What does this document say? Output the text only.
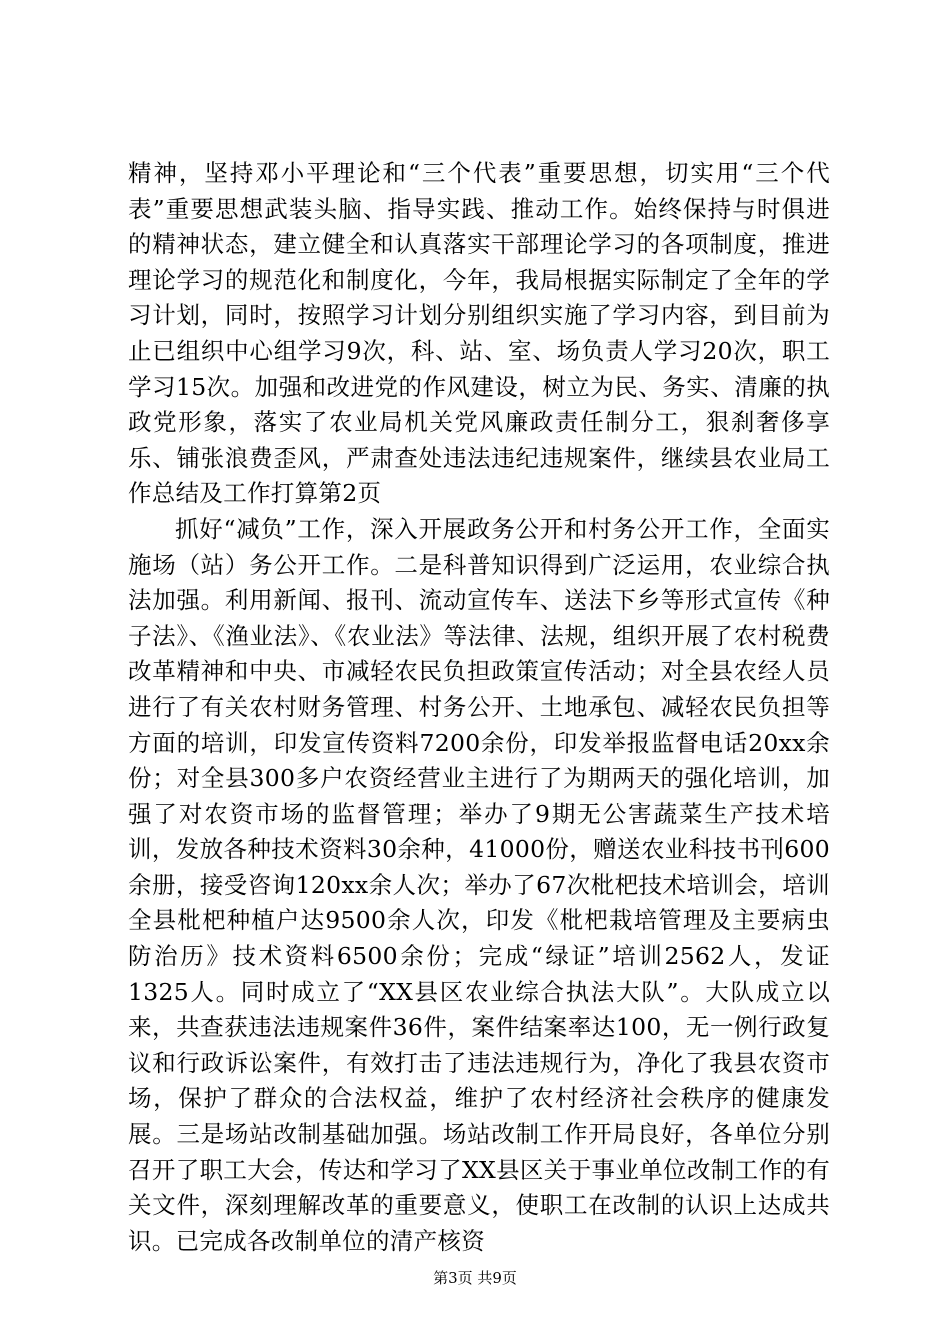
精神，坚持邓小平理论和“三个代表”重要思想，切实用“三个代表”重要思想武装头脑、指导实践、推动工作。始终保持与时俱进的精神状态，建立健全和认真落实干部理论学习的各项制度，推进理论学习的规范化和制度化，今年，我局根据实际制定了全年的学习计划，同时，按照学习计划分别组织实施了学习内容，到目前为止已组织中心组学习9次，科、站、室、场负责人学习20次，职工学习15次。加强和改进党的作风建设，树立为民、务实、清廉的执政党形象，落实了农业局机关党风廉政责任制分工，狠刹奢侈享乐、铺张浪费歪风，严肃查处违法违纪违规案件，继续县农业局工作总结及工作打算第2页

抓好“减负”工作，深入开展政务公开和村务公开工作，全面实施场（站）务公开工作。二是科普知识得到广泛运用，农业综合执法加强。利用新闻、报刊、流动宣传车、送法下乡等形式宣传《种子法》、《渔业法》、《农业法》等法律、法规，组织开展了农村税费改革精神和中央、市减轻农民负担政策宣传活动；对全县农经人员进行了有关农村财务管理、村务公开、土地承包、减轻农民负担等方面的培训，印发宣传资料7200余份，印发举报监督电话20xx余份；对全县300多户农资经营业主进行了为期两天的强化培训，加强了对农资市场的监督管理；举办了9期无公害蔬菜生产技术培训，发放各种技术资料30余种，41000份，赠送农业科技书刊600余册，接受咨询120xx余人次；举办了67次枇杷技术培训会，培训全县枇杷种植户达9500余人次，印发《枇杷栽培管理及主要病虫防治历》技术资料6500余份；完成“绿证”培训2562人，发证1325人。同时成立了“XX县区农业综合执法大队”。大队成立以来，共查获违法违规案件36件，案件结案率达100，无一例行政复议和行政诉讼案件，有效打击了违法违规行为，净化了我县农资市场，保护了群众的合法权益，维护了农村经济社会秩序的健康发展。三是场站改制基础加强。场站改制工作开局良好，各单位分别召开了职工大会，传达和学习了XX县区关于事业单位改制工作的有关文件，深刻理解改革的重要意义，使职工在改制的认识上达成共识。已完成各改制单位的清产核资

第3页 共9页
